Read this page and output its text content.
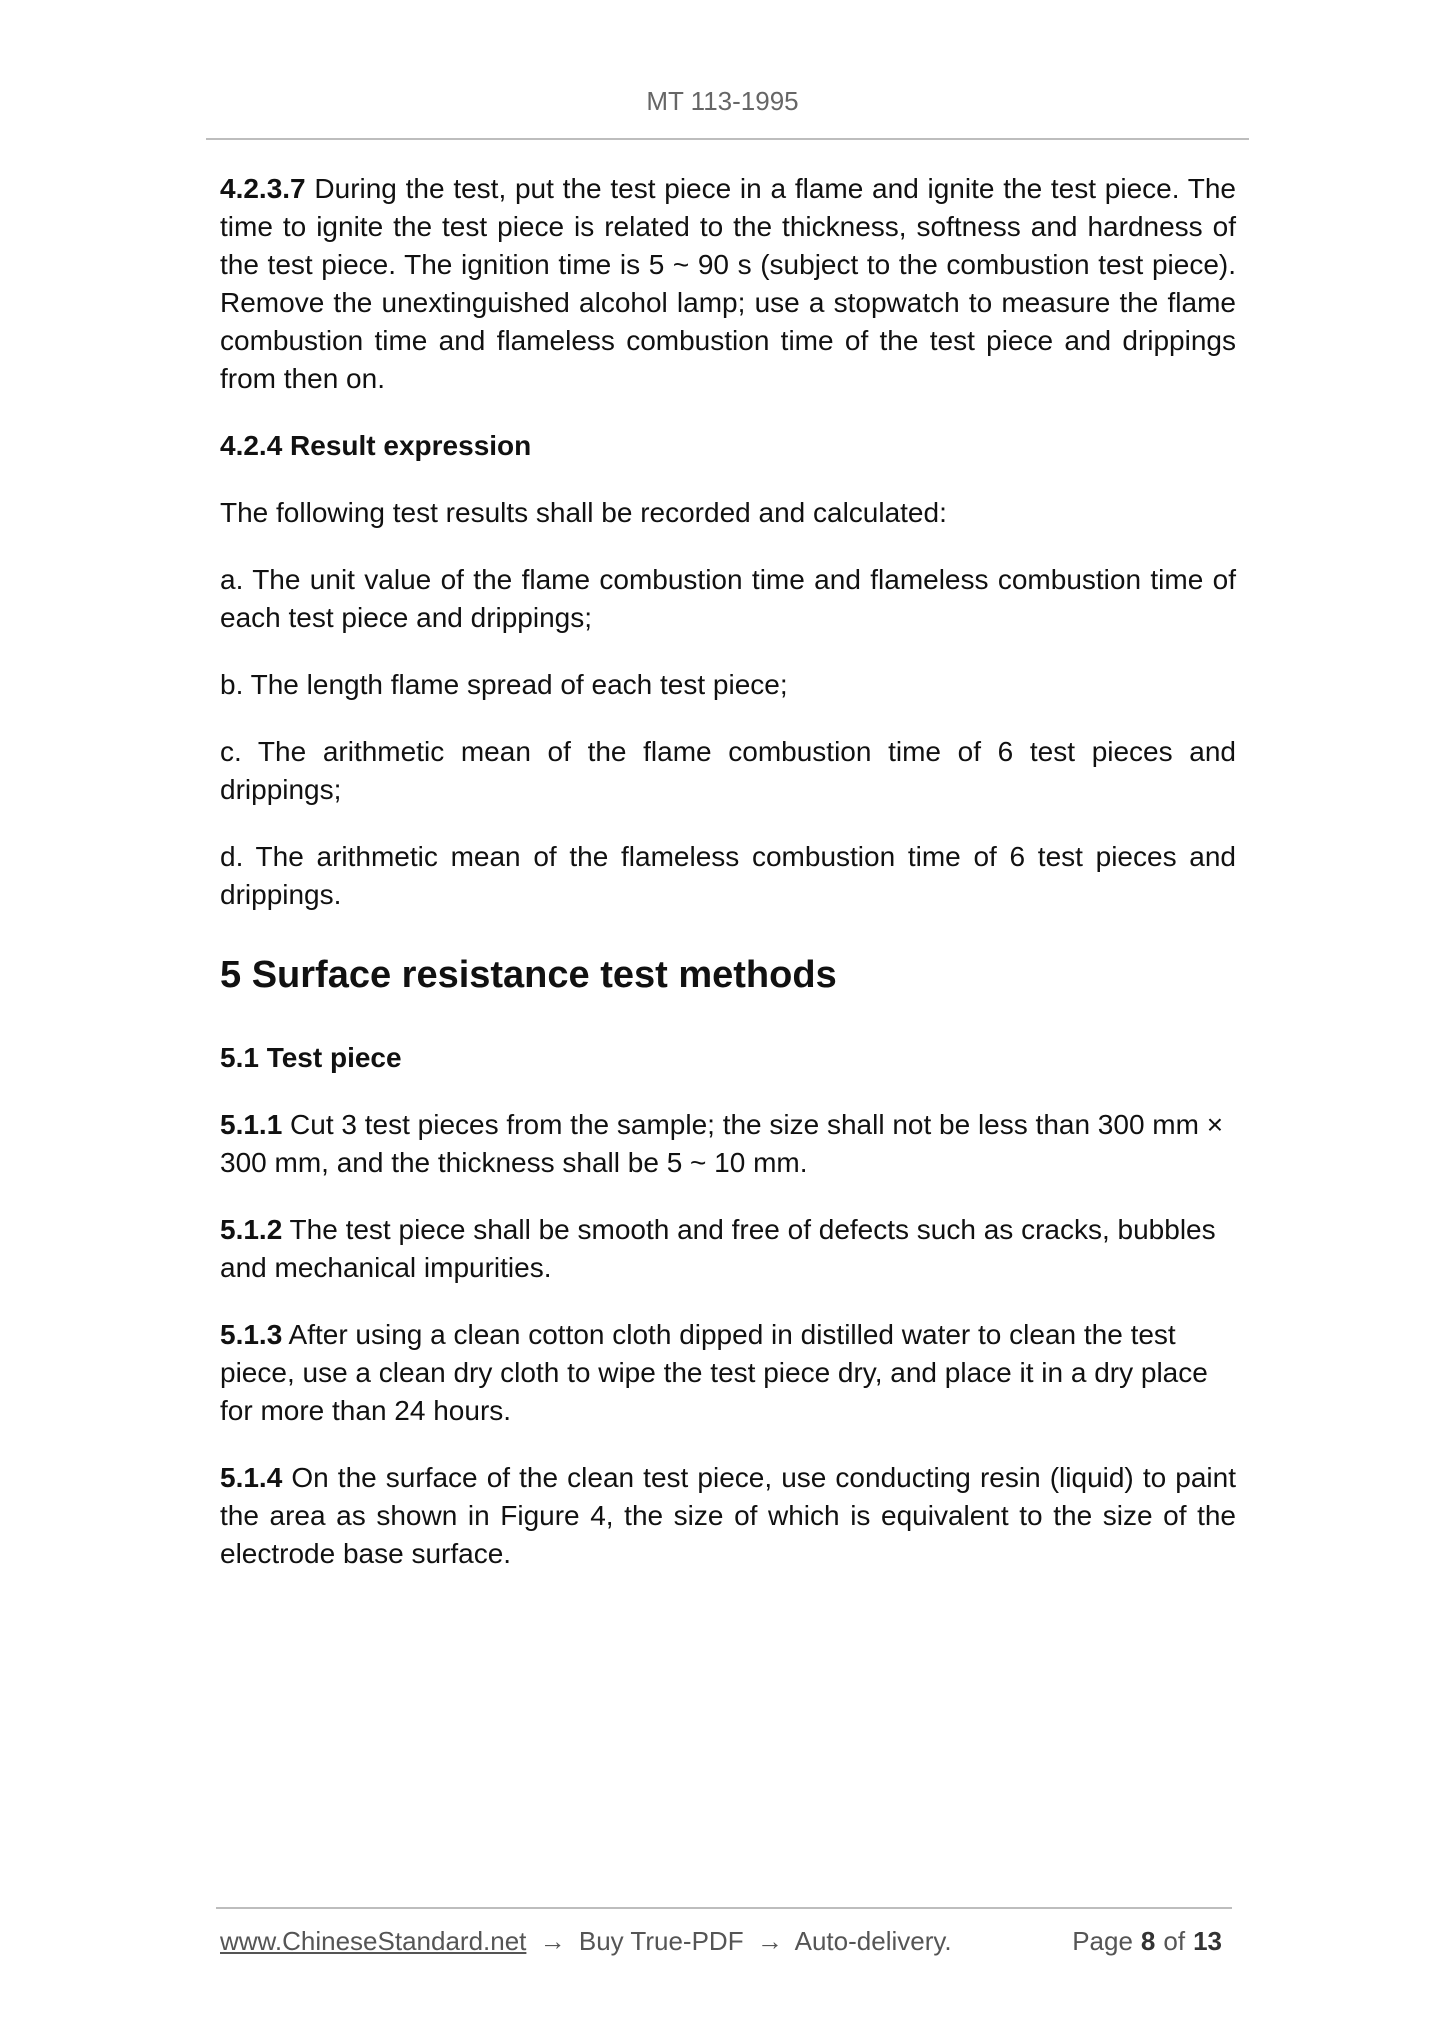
MT 113-1995

4.2.3.7 During the test, put the test piece in a flame and ignite the test piece. The time to ignite the test piece is related to the thickness, softness and hardness of the test piece. The ignition time is 5 ~ 90 s (subject to the combustion test piece). Remove the unextinguished alcohol lamp; use a stopwatch to measure the flame combustion time and flameless combustion time of the test piece and drippings from then on.

4.2.4 Result expression

The following test results shall be recorded and calculated:

a. The unit value of the flame combustion time and flameless combustion time of each test piece and drippings;

b. The length flame spread of each test piece;

c. The arithmetic mean of the flame combustion time of 6 test pieces and drippings;

d. The arithmetic mean of the flameless combustion time of 6 test pieces and drippings.

5 Surface resistance test methods
5.1 Test piece

5.1.1 Cut 3 test pieces from the sample; the size shall not be less than 300 mm × 300 mm, and the thickness shall be 5 ~ 10 mm.

5.1.2 The test piece shall be smooth and free of defects such as cracks, bubbles and mechanical impurities.

5.1.3 After using a clean cotton cloth dipped in distilled water to clean the test piece, use a clean dry cloth to wipe the test piece dry, and place it in a dry place for more than 24 hours.

5.1.4 On the surface of the clean test piece, use conducting resin (liquid) to paint the area as shown in Figure 4, the size of which is equivalent to the size of the electrode base surface.

www.ChineseStandard.net → Buy True-PDF → Auto-delivery.	Page 8 of 13
